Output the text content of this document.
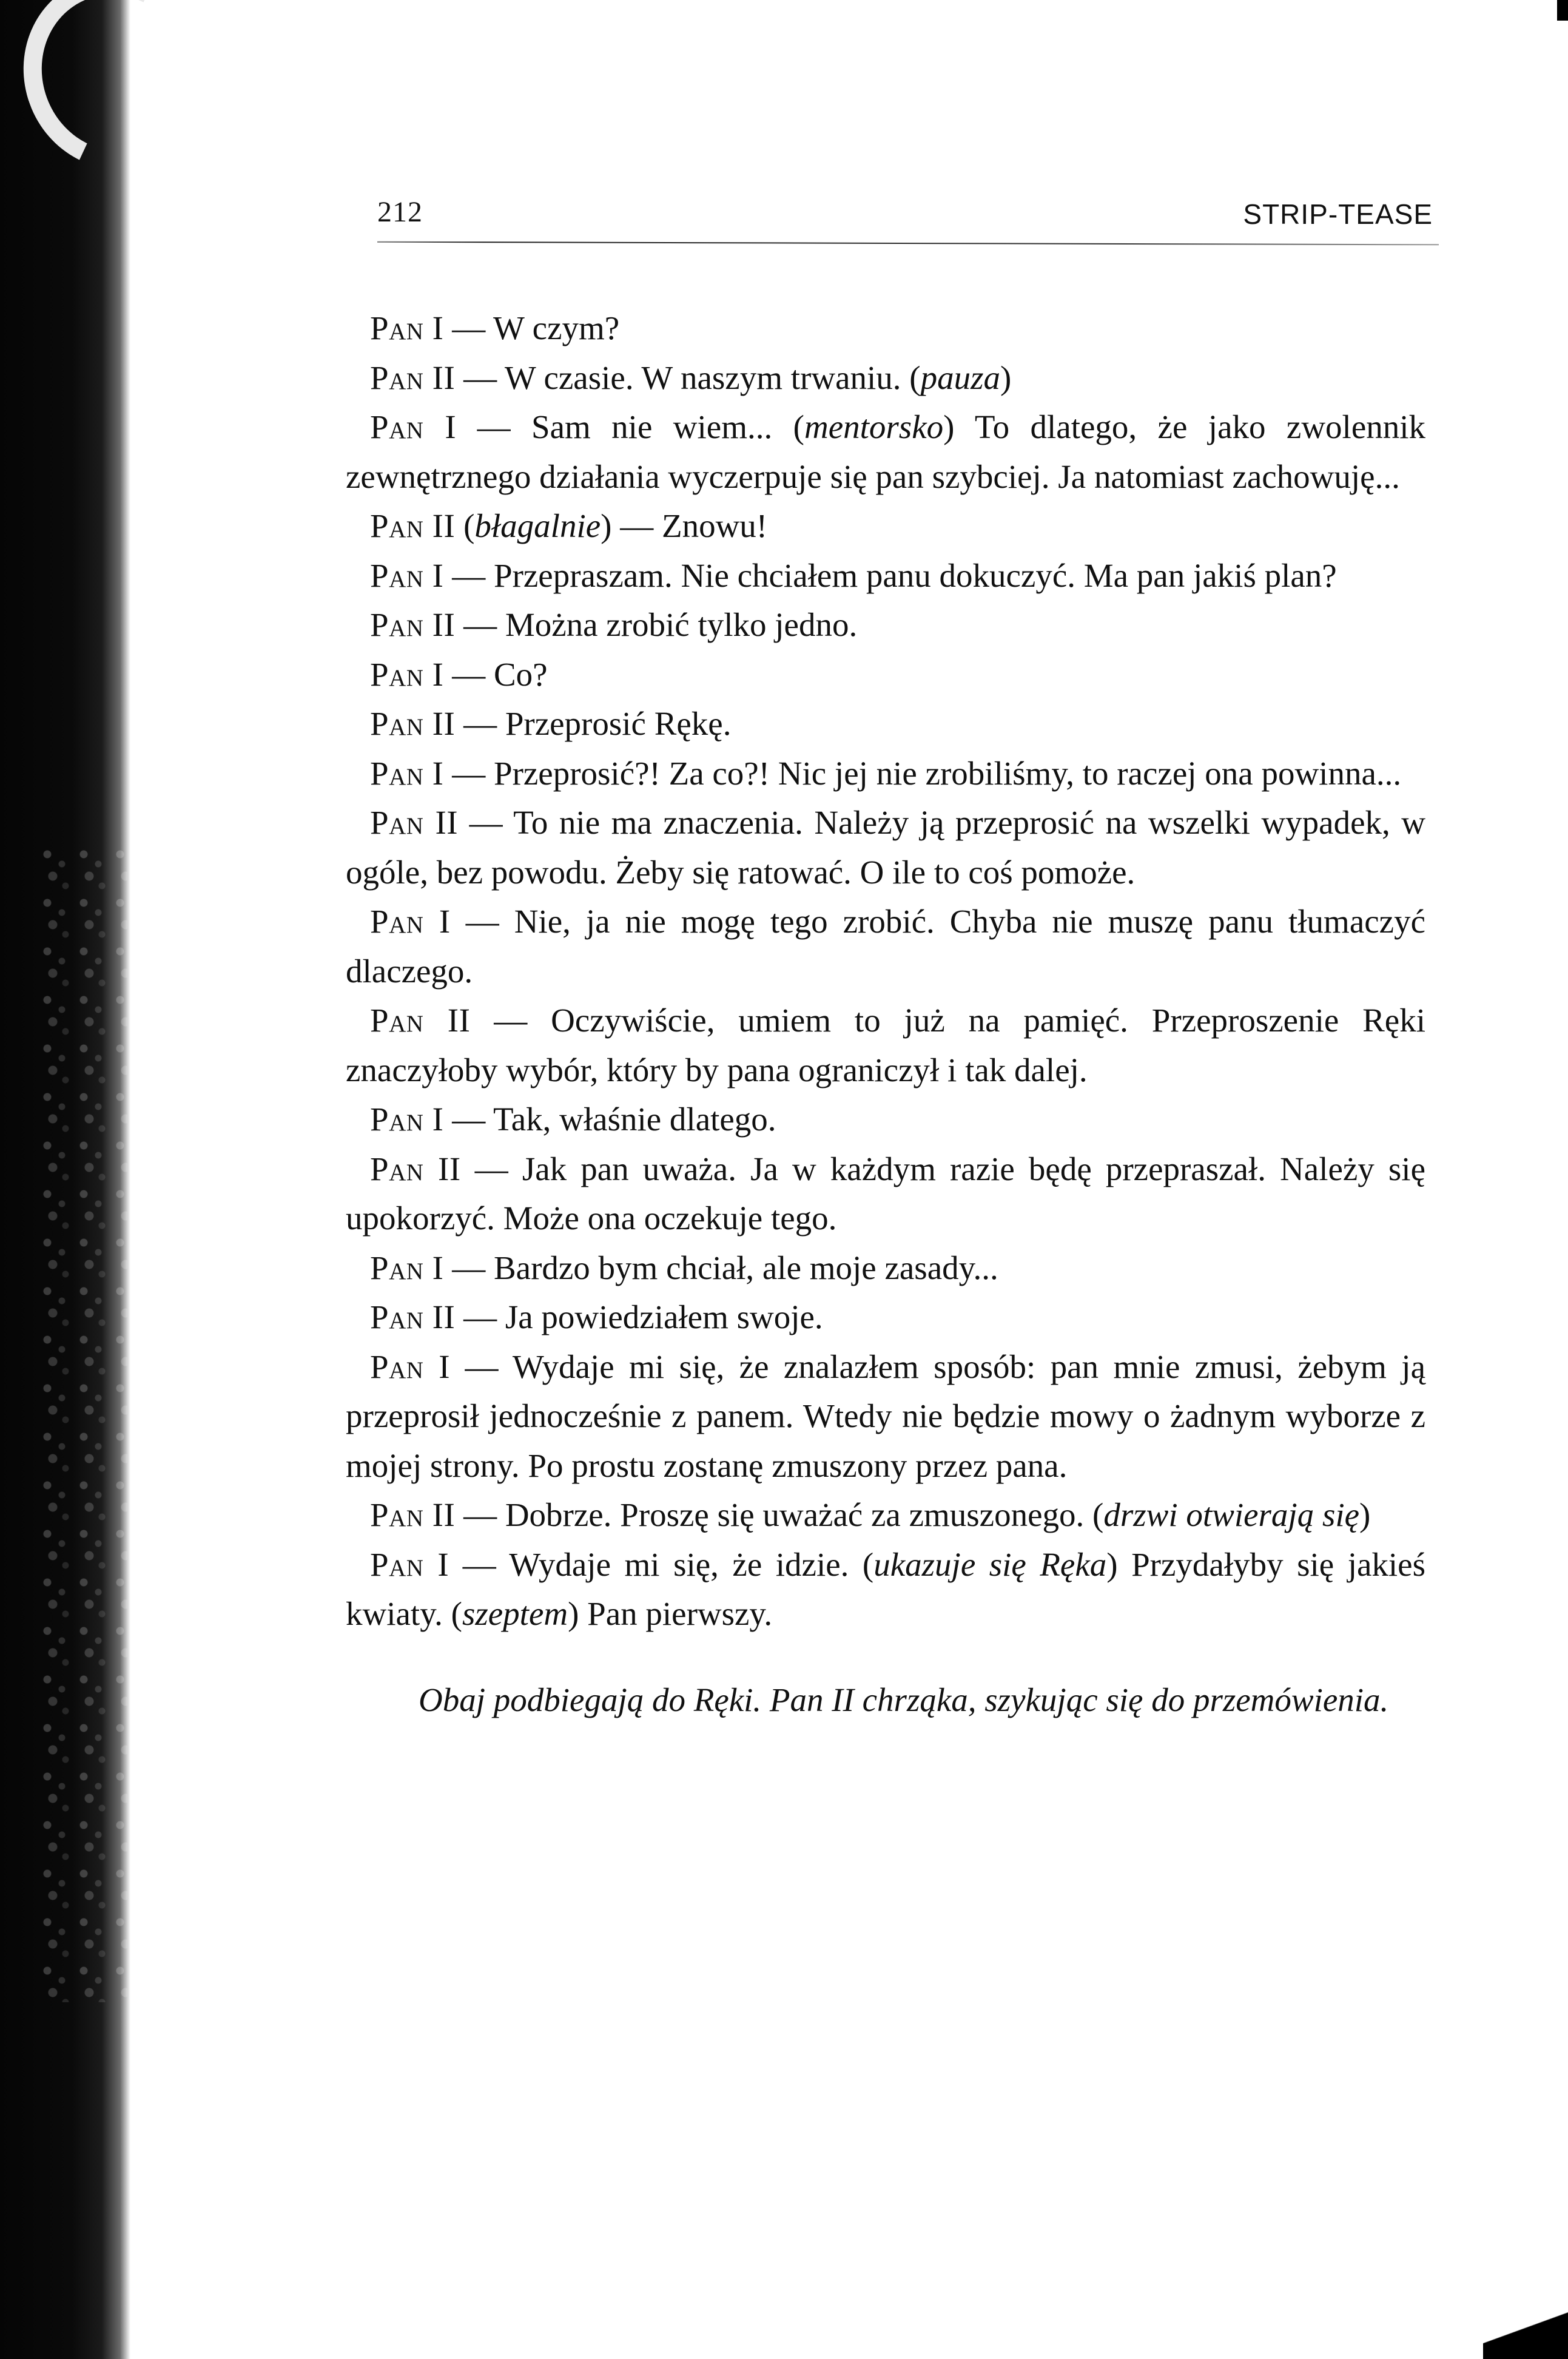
212	STRIP-TEASE

Pan I — W czym?

Pan II — W czasie. W naszym trwaniu. (pauza)

Pan I — Sam nie wiem... (mentorsko) To dlatego, że jako zwolennik zewnętrznego działania wyczerpuje się pan szybciej. Ja natomiast zachowuję...

Pan II (błagalnie) — Znowu!

Pan I — Przepraszam. Nie chciałem panu dokuczyć. Ma pan jakiś plan?

Pan II — Można zrobić tylko jedno.

Pan I — Co?

Pan II — Przeprosić Rękę.

Pan I — Przeprosić?! Za co?! Nic jej nie zrobiliśmy, to raczej ona powinna...

Pan II — To nie ma znaczenia. Należy ją przeprosić na wszelki wypadek, w ogóle, bez powodu. Żeby się ratować. O ile to coś pomoże.

Pan I — Nie, ja nie mogę tego zrobić. Chyba nie muszę panu tłumaczyć dlaczego.

Pan II — Oczywiście, umiem to już na pamięć. Przeproszenie Ręki znaczyłoby wybór, który by pana ograniczył i tak dalej.

Pan I — Tak, właśnie dlatego.

Pan II — Jak pan uważa. Ja w każdym razie będę przepraszał. Należy się upokorzyć. Może ona oczekuje tego.

Pan I — Bardzo bym chciał, ale moje zasady...

Pan II — Ja powiedziałem swoje.

Pan I — Wydaje mi się, że znalazłem sposób: pan mnie zmusi, żebym ją przeprosił jednocześnie z panem. Wtedy nie będzie mowy o żadnym wyborze z mojej strony. Po prostu zostanę zmuszony przez pana.

Pan II — Dobrze. Proszę się uważać za zmuszonego. (drzwi otwierają się)

Pan I — Wydaje mi się, że idzie. (ukazuje się Ręka) Przydałyby się jakieś kwiaty. (szeptem) Pan pierwszy.

Obaj podbiegają do Ręki. Pan II chrząka, szykując się do przemówienia.
